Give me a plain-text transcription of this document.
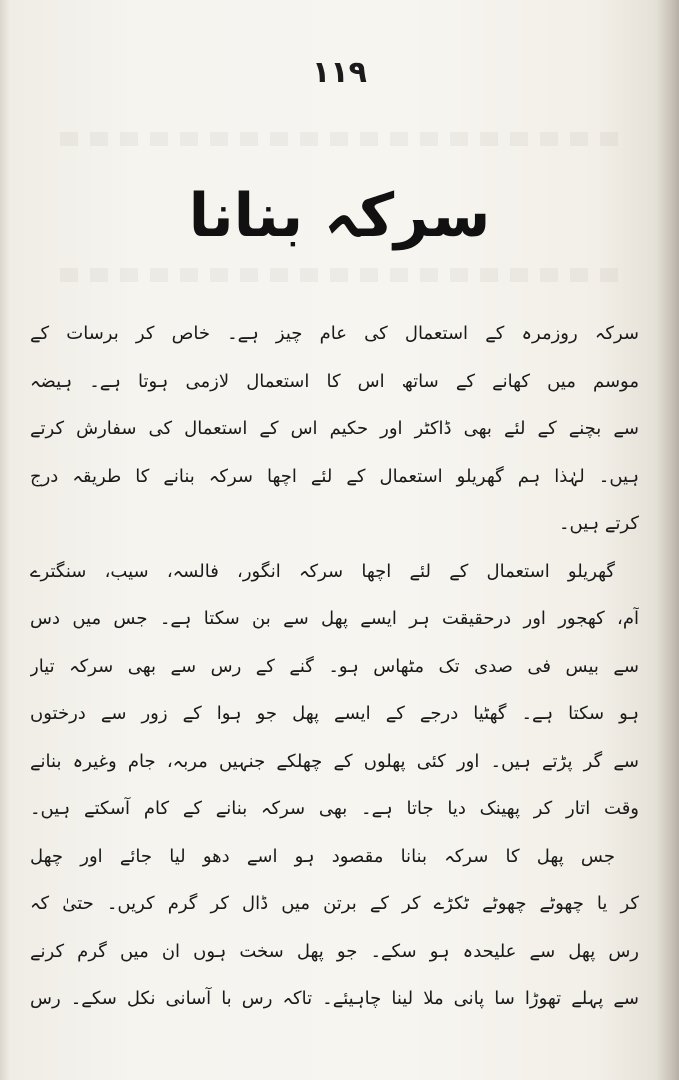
١١٩
سرکہ بنانا
سرکہ روزمرہ کے استعمال کی عام چیز ہے۔ خاص کر برسات کے
موسم میں کھانے کے ساتھ اس کا استعمال لازمی ہوتا ہے۔ ہیضہ
سے بچنے کے لئے بھی ڈاکٹر اور حکیم اس کے استعمال کی سفارش کرتے
ہیں۔ لہٰذا ہم گھریلو استعمال کے لئے اچھا سرکہ بنانے کا طریقہ درج
کرتے ہیں۔
گھریلو استعمال کے لئے اچھا سرکہ انگور، فالسہ، سیب، سنگترے
آم، کھجور اور درحقیقت ہر ایسے پھل سے بن سکتا ہے۔ جس میں دس
سے بیس فی صدی تک مٹھاس ہو۔ گنے کے رس سے بھی سرکہ تیار
ہو سکتا ہے۔ گھٹیا درجے کے ایسے پھل جو ہوا کے زور سے درختوں
سے گر پڑتے ہیں۔ اور کئی پھلوں کے چھلکے جنہیں مربہ، جام وغیرہ بنانے
وقت اتار کر پھینک دیا جاتا ہے۔ بھی سرکہ بنانے کے کام آسکتے ہیں۔
جس پھل کا سرکہ بنانا مقصود ہو اسے دھو لیا جائے اور چھل
کر یا چھوٹے چھوٹے ٹکڑے کر کے برتن میں ڈال کر گرم کریں۔ حتیٰ کہ
رس پھل سے علیحدہ ہو سکے۔ جو پھل سخت ہوں ان میں گرم کرنے
سے پہلے تھوڑا سا پانی ملا لینا چاہیئے۔ تاکہ رس با آسانی نکل سکے۔ رس
